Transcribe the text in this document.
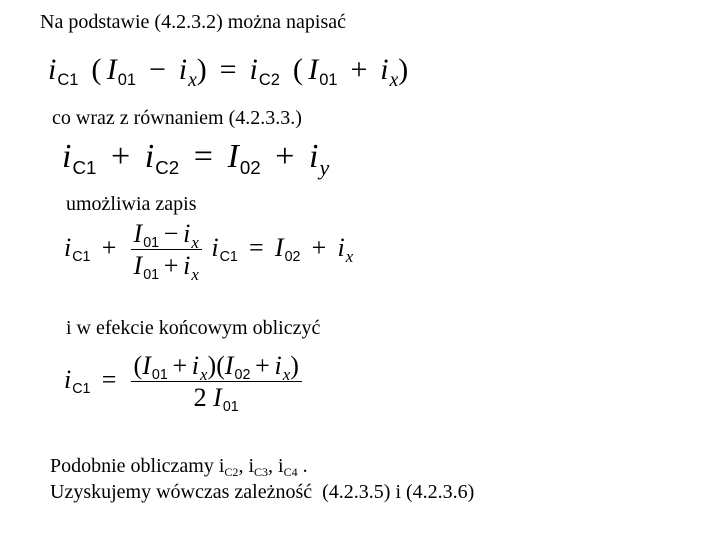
Na podstawie (4.2.3.2) można napisać
iC1 ( $I01 - i_x) = iC2$ ( $I01 + i_x$)
co wraz z równaniem (4.2.3.3.)
$iC1 + iC2 = I02 + i_y$
umożliwia zapis
$iC1 + \frac{I01 - i_x}{I01 + i_x} iC1 = I02 + i_x$
i w efekcie końcowym obliczyć
$iC1 = \frac{(I01 + i_x)(I02 + i_x)}{2 I01}$
Podobnie obliczamy $i_{C2}$, $i_{C3}$, $i_{C4}$ .
Uzyskujemy wówczas zależność  (4.2.3.5) i (4.2.3.6)
